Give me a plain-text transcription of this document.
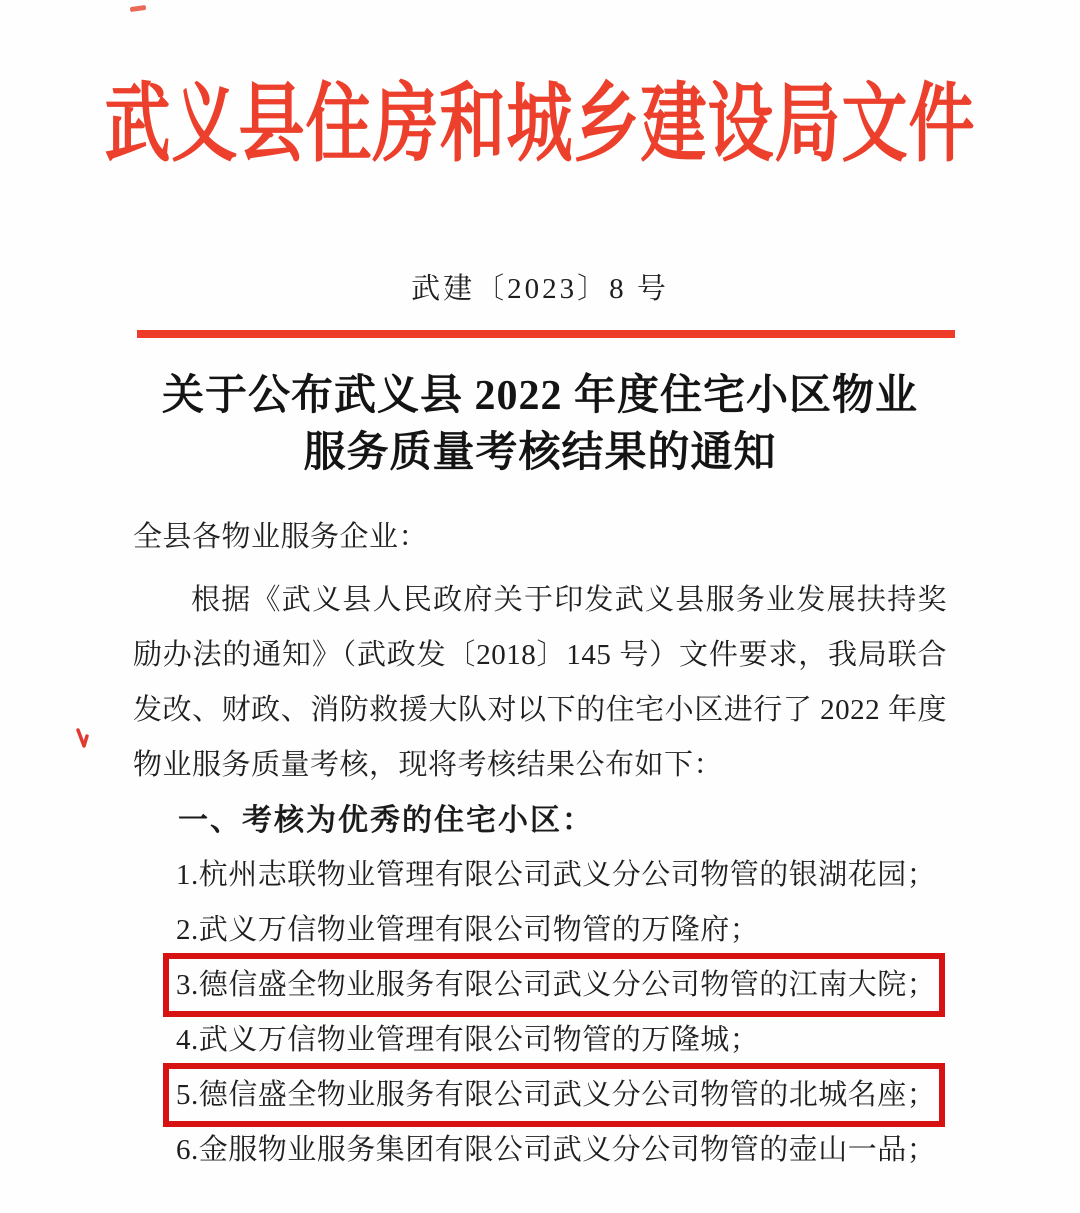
武义县住房和城乡建设局文件
武建〔2023〕8 号
关于公布武义县 2022 年度住宅小区物业
服务质量考核结果的通知
全县各物业服务企业：
根据《武义县人民政府关于印发武义县服务业发展扶持奖
励办法的通知》（武政发〔2018〕145 号）文件要求，我局联合
发改、财政、消防救援大队对以下的住宅小区进行了 2022 年度
物业服务质量考核，现将考核结果公布如下：
一、考核为优秀的住宅小区：
1.杭州志联物业管理有限公司武义分公司物管的银湖花园；
2.武义万信物业管理有限公司物管的万隆府；
3.德信盛全物业服务有限公司武义分公司物管的江南大院；
4.武义万信物业管理有限公司物管的万隆城；
5.德信盛全物业服务有限公司武义分公司物管的北城名座；
6.金服物业服务集团有限公司武义分公司物管的壶山一品；
